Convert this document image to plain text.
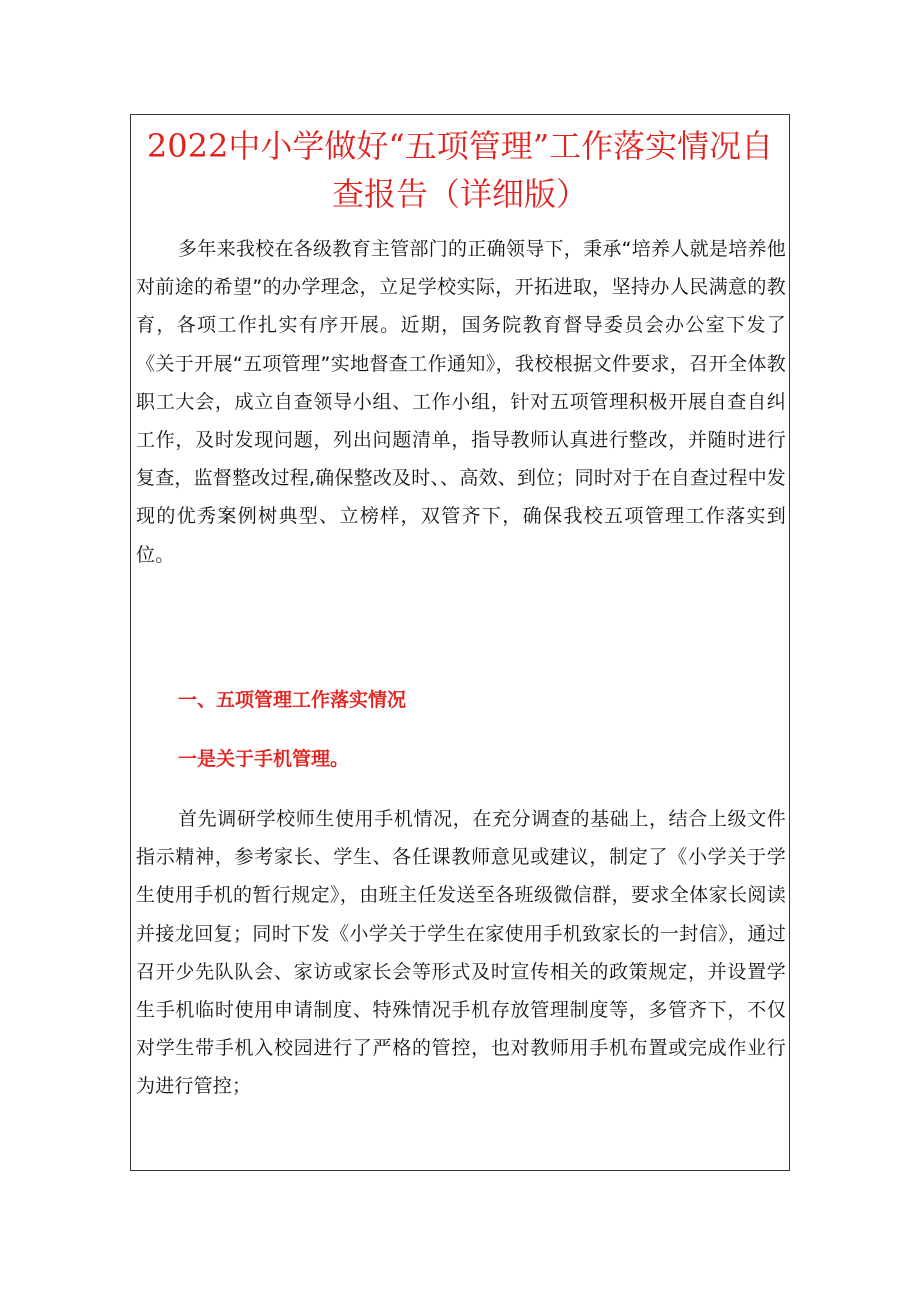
2022中小学做好“五项管理”工作落实情况自查报告（详细版）

多年来我校在各级教育主管部门的正确领导下，秉承“培养人就是培养他对前途的希望”的办学理念，立足学校实际，开拓进取，坚持办人民满意的教育，各项工作扎实有序开展。近期，国务院教育督导委员会办公室下发了《关于开展“五项管理”实地督查工作通知》，我校根据文件要求，召开全体教职工大会，成立自查领导小组、工作小组，针对五项管理积极开展自查自纠工作，及时发现问题，列出问题清单，指导教师认真进行整改，并随时进行复查，监督整改过程,确保整改及时、、高效、到位；同时对于在自查过程中发现的优秀案例树典型、立榜样，双管齐下，确保我校五项管理工作落实到位。

一、五项管理工作落实情况
一是关于手机管理。

首先调研学校师生使用手机情况，在充分调查的基础上，结合上级文件指示精神，参考家长、学生、各任课教师意见或建议，制定了《小学关于学生使用手机的暂行规定》，由班主任发送至各班级微信群，要求全体家长阅读并接龙回复；同时下发《小学关于学生在家使用手机致家长的一封信》，通过召开少先队队会、家访或家长会等形式及时宣传相关的政策规定，并设置学生手机临时使用申请制度、特殊情况手机存放管理制度等，多管齐下，不仅对学生带手机入校园进行了严格的管控，也对教师用手机布置或完成作业行为进行管控；
